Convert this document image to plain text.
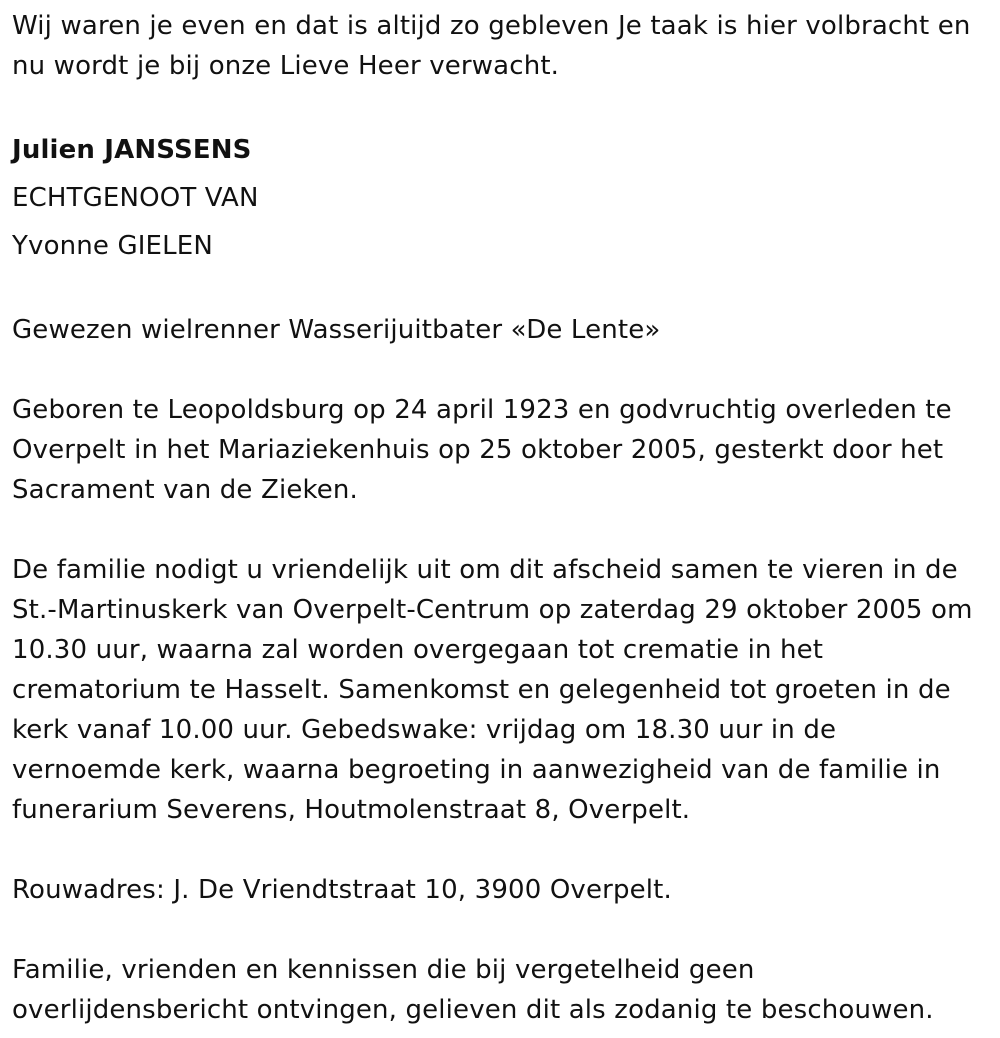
Wij waren je even en dat is altijd zo gebleven Je taak is hier volbracht en nu wordt je bij onze Lieve Heer verwacht.

Julien JANSSENS

ECHTGENOOT VAN

Yvonne GIELEN

Gewezen wielrenner Wasserijuitbater «De Lente»

Geboren te Leopoldsburg op 24 april 1923 en godvruchtig overleden te Overpelt in het Mariaziekenhuis op 25 oktober 2005, gesterkt door het Sacrament van de Zieken.

De familie nodigt u vriendelijk uit om dit afscheid samen te vieren in de St.-Martinuskerk van Overpelt-Centrum op zaterdag 29 oktober 2005 om 10.30 uur, waarna zal worden overgegaan tot crematie in het crematorium te Hasselt. Samenkomst en gelegenheid tot groeten in de kerk vanaf 10.00 uur. Gebedswake: vrijdag om 18.30 uur in de vernoemde kerk, waarna begroeting in aanwezigheid van de familie in funerarium Severens, Houtmolenstraat 8, Overpelt.

Rouwadres: J. De Vriendtstraat 10, 3900 Overpelt.

Familie, vrienden en kennissen die bij vergetelheid geen overlijdensbericht ontvingen, gelieven dit als zodanig te beschouwen.
